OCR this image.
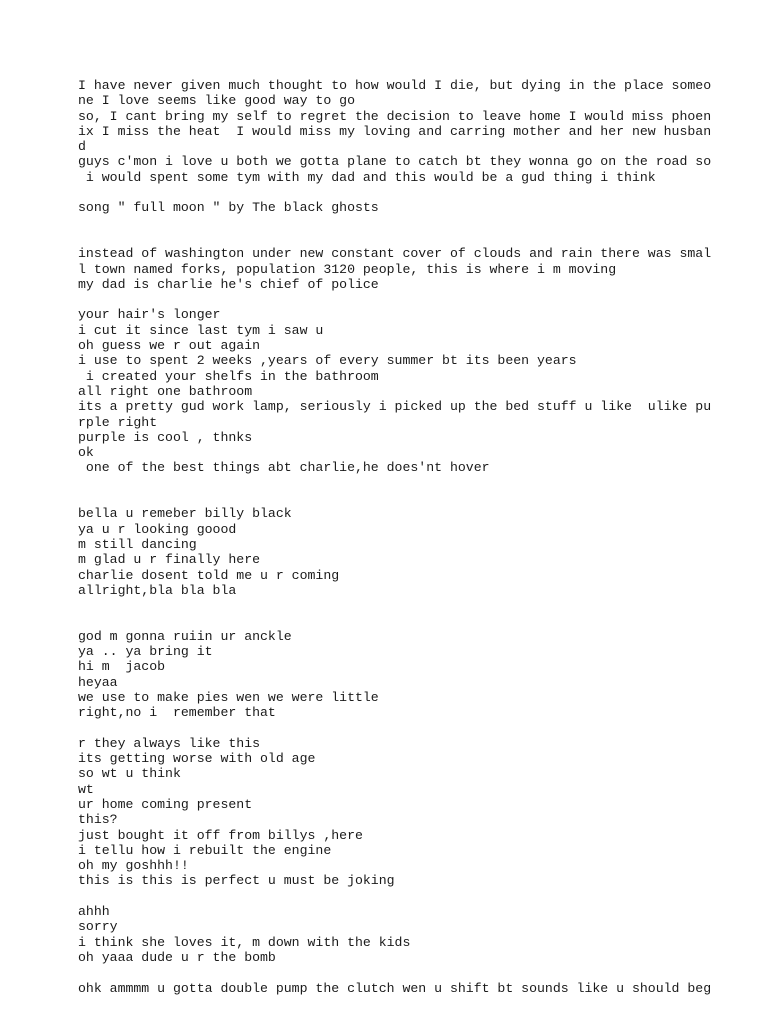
I have never given much thought to how would I die, but dying in the place someo
ne I love seems like good way to go
so, I cant bring my self to regret the decision to leave home I would miss phoen
ix I miss the heat  I would miss my loving and carring mother and her new husban
d
guys c'mon i love u both we gotta plane to catch bt they wonna go on the road so
i would spent some tym with my dad and this would be a gud thing i think
song " full moon " by The black ghosts
instead of washington under new constant cover of clouds and rain there was smal
l town named forks, population 3120 people, this is where i m moving
my dad is charlie he's chief of police
your hair's longer
i cut it since last tym i saw u
oh guess we r out again
i use to spent 2 weeks ,years of every summer bt its been years
i created your shelfs in the bathroom
all right one bathroom
its a pretty gud work lamp, seriously i picked up the bed stuff u like  ulike pu
rple right
purple is cool , thnks
ok
one of the best things abt charlie,he does'nt hover
bella u remeber billy black
ya u r looking goood
m still dancing
m glad u r finally here
charlie dosent told me u r coming
allright,bla bla bla
god m gonna ruiin ur anckle
ya .. ya bring it
hi m  jacob
heyaa
we use to make pies wen we were little
right,no i  remember that
r they always like this
its getting worse with old age
so wt u think
wt
ur home coming present
this?
just bought it off from billys ,here
i tellu how i rebuilt the engine
oh my goshhh!!
this is this is perfect u must be joking
ahhh
sorry
i think she loves it, m down with the kids
oh yaaa dude u r the bomb
ohk ammmm u gotta double pump the clutch wen u shift bt sounds like u should beg
